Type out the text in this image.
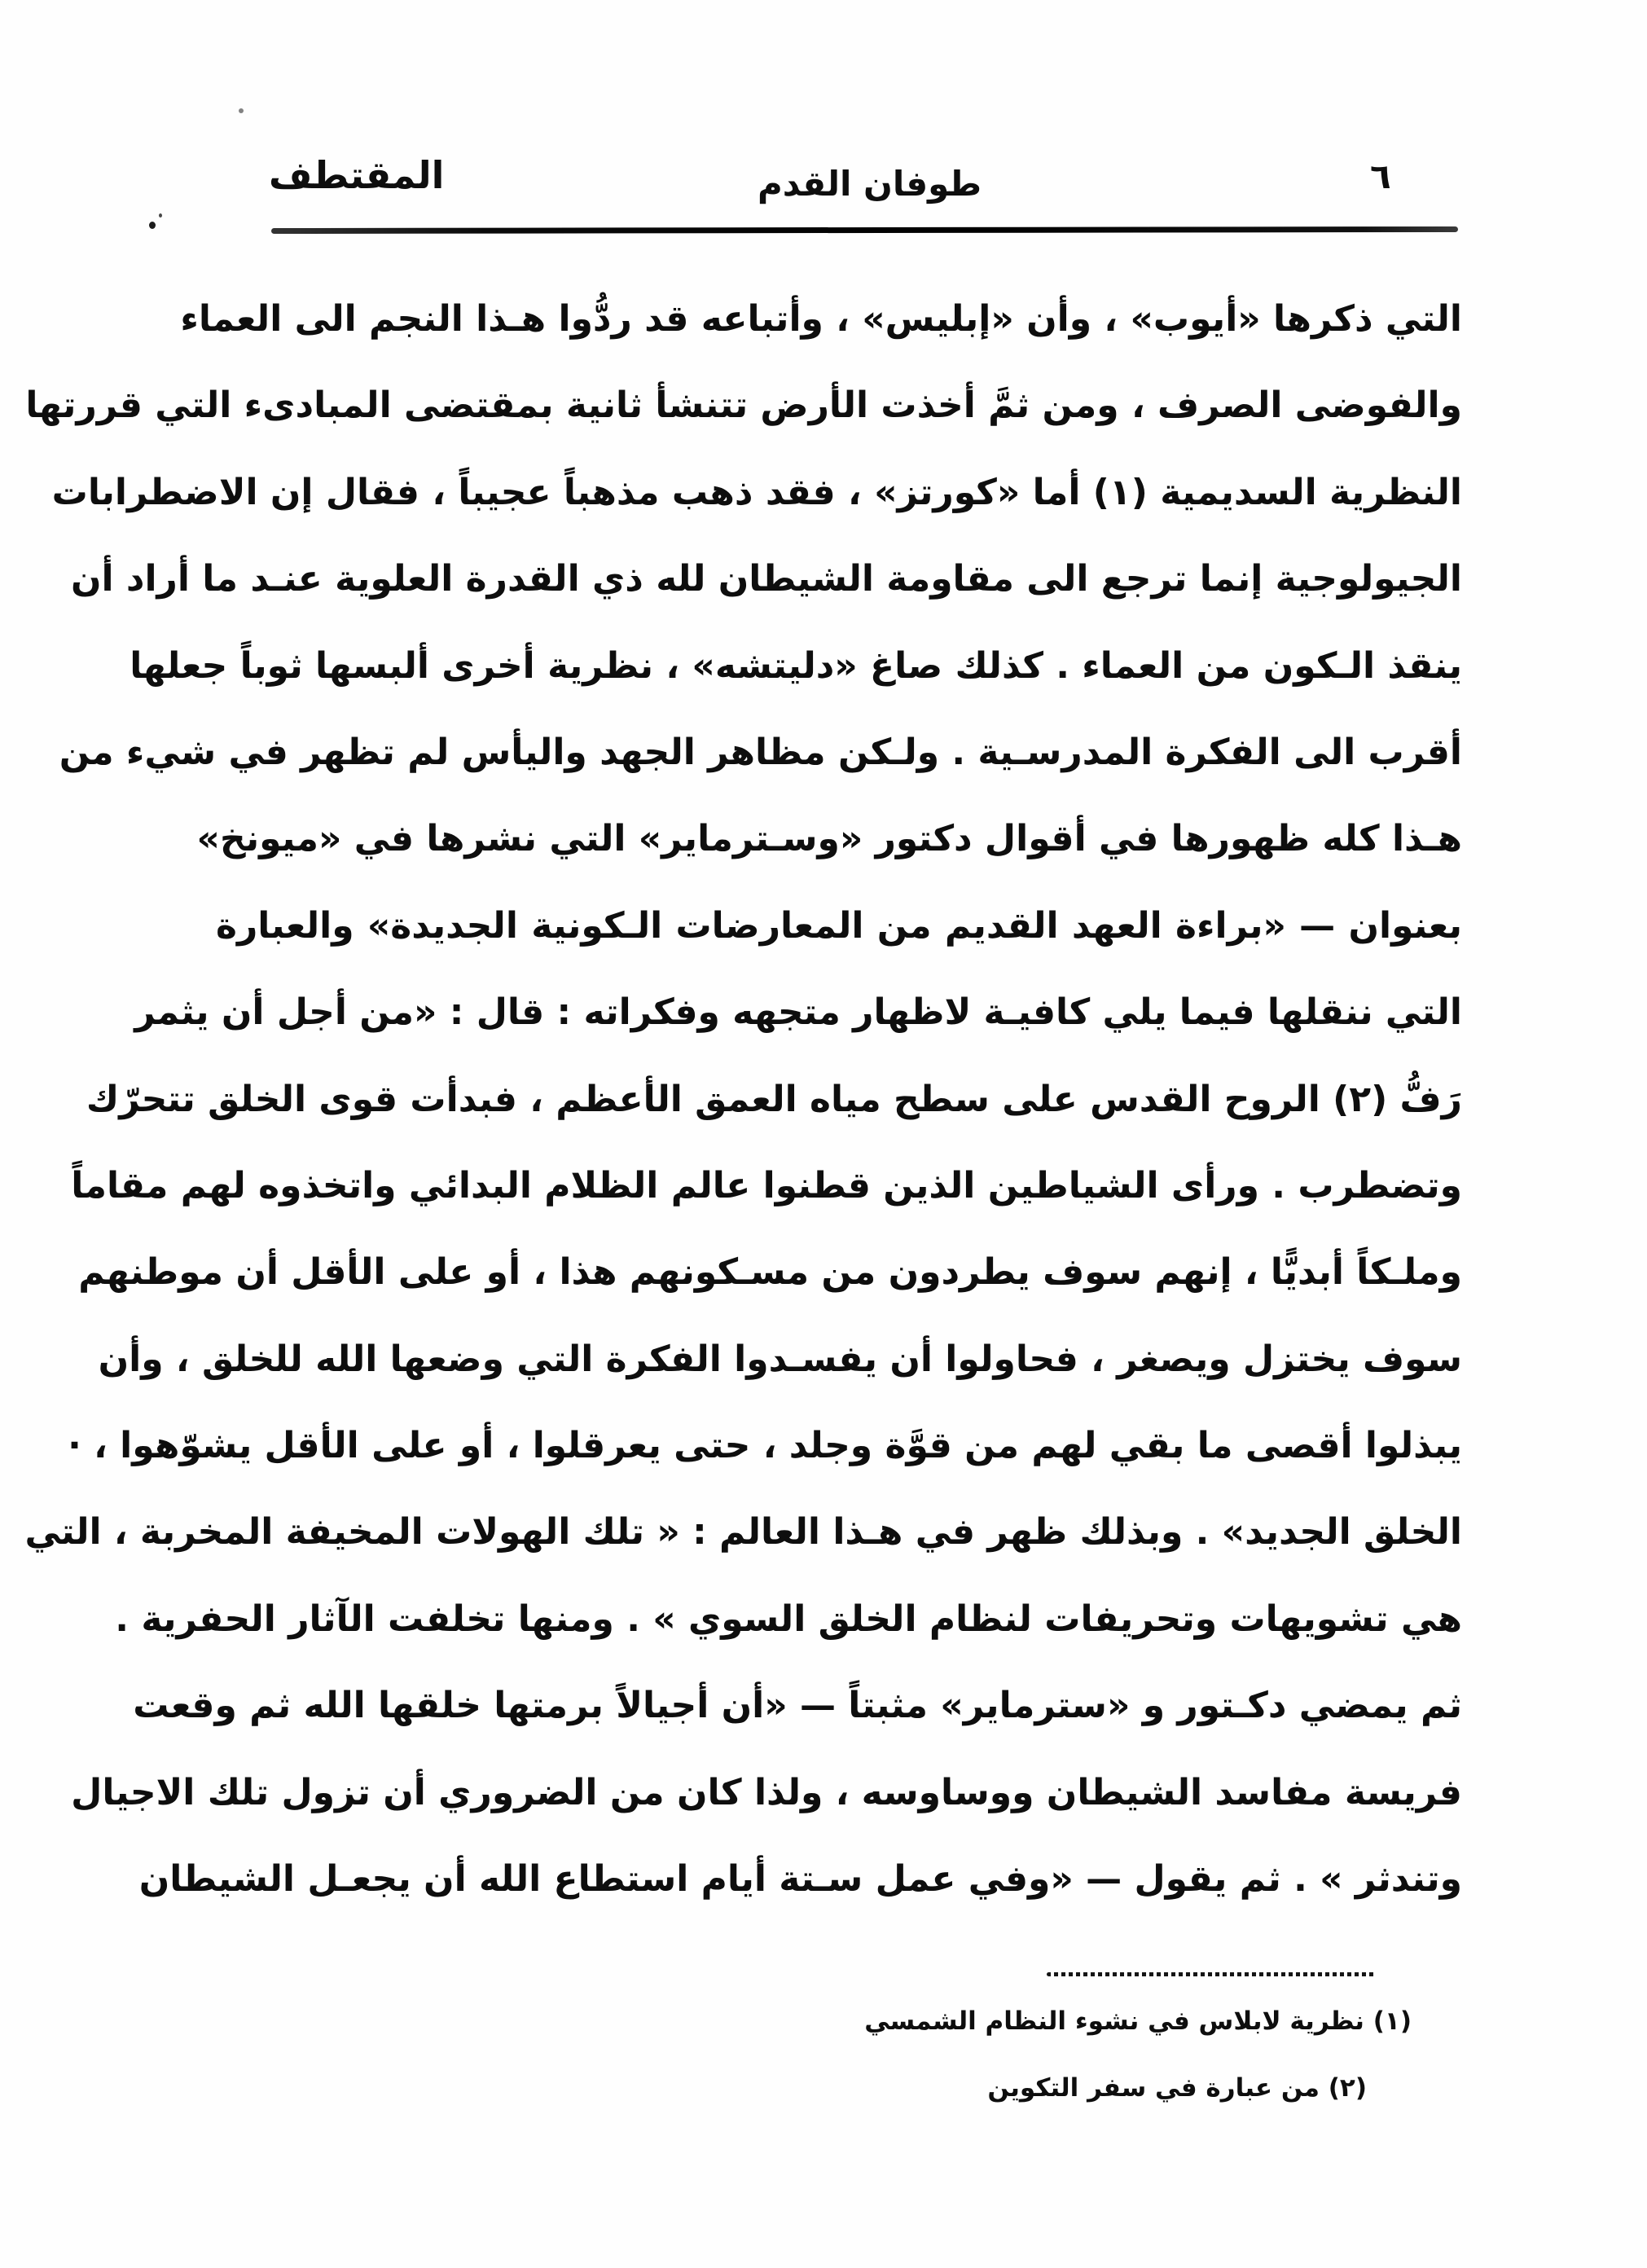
٦
طوفان القدم
المقتطف
التي ذكرها «أيوب» ، وأن «إبليس» ، وأتباعه قد ردُّوا هـذا النجم الى العماء
والفوضى الصرف ، ومن ثمَّ أخذت الأرض تتنشأ ثانية بمقتضى المبادىء التي قررتها
النظرية السديمية (١) أما «كورتز» ، فقد ذهب مذهباً عجيباً ، فقال إن الاضطرابات
الجيولوجية إنما ترجع الى مقاومة الشيطان لله ذي القدرة العلوية عنـد ما أراد أن
ينقذ الـكون من العماء . كذلك صاغ «دليتشه» ، نظرية أخرى ألبسها ثوباً جعلها
أقرب الى الفكرة المدرسـية . ولـكن مظاهر الجهد واليأس لم تظهر في شيء من
هـذا كله ظهورها في أقوال دكتور «وسـترماير» التي نشرها في «ميونخ»
بعنوان — «براءة العهد القديم من المعارضات الـكونية الجديدة» والعبارة
التي ننقلها فيما يلي كافيـة لاظهار متجهه وفكراته : قال : «من أجل أن يثمر
رَفُّ (٢) الروح القدس على سطح مياه العمق الأعظم ، فبدأت قوى الخلق تتحرّك
وتضطرب . ورأى الشياطين الذين قطنوا عالم الظلام البدائي واتخذوه لهم مقاماً
وملـكاً أبديًّا ، إنهم سوف يطردون من مسـكونهم هذا ، أو على الأقل أن موطنهم
سوف يختزل ويصغر ، فحاولوا أن يفسـدوا الفكرة التي وضعها الله للخلق ، وأن
يبذلوا أقصى ما بقي لهم من قوَّة وجلد ، حتى يعرقلوا ، أو على الأقل يشوّهوا ، ·
الخلق الجديد» . وبذلك ظهر في هـذا العالم : « تلك الهولات المخيفة المخربة ، التي
هي تشويهات وتحريفات لنظام الخلق السوي » . ومنها تخلفت الآثار الحفرية .
ثم يمضي دكـتور و «سترماير» مثبتاً — «أن أجيالاً برمتها خلقها الله ثم وقعت
فريسة مفاسد الشيطان ووساوسه ، ولذا كان من الضروري أن تزول تلك الاجيال
وتندثر » . ثم يقول — «وفي عمل سـتة أيام استطاع الله أن يجعـل الشيطان
(١) نظرية لابلاس في نشوء النظام الشمسي
(٢) من عبارة في سفر التكوين
